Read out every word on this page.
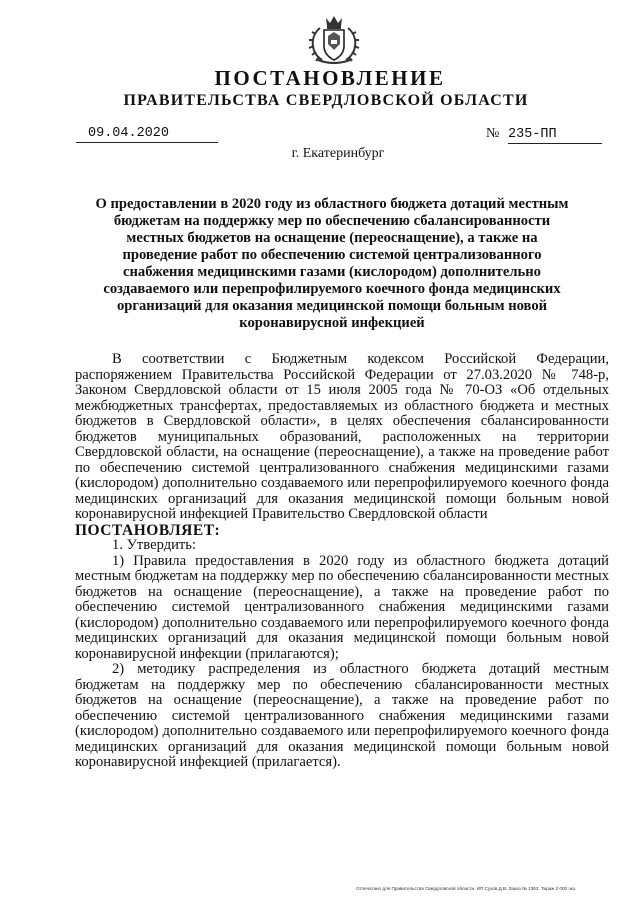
ПОСТАНОВЛЕНИЕ
ПРАВИТЕЛЬСТВА СВЕРДЛОВСКОЙ ОБЛАСТИ
09.04.2020	№ 235-ПП
г. Екатеринбург
О предоставлении в 2020 году из областного бюджета дотаций местным бюджетам на поддержку мер по обеспечению сбалансированности местных бюджетов на оснащение (переоснащение), а также на проведение работ по обеспечению системой централизованного снабжения медицинскими газами (кислородом) дополнительно создаваемого или перепрофилируемого коечного фонда медицинских организаций для оказания медицинской помощи больным новой коронавирусной инфекцией

В соответствии с Бюджетным кодексом Российской Федерации, распоряжением Правительства Российской Федерации от 27.03.2020 № 748-р, Законом Свердловской области от 15 июля 2005 года № 70-ОЗ «Об отдельных межбюджетных трансфертах, предоставляемых из областного бюджета и местных бюджетов в Свердловской области», в целях обеспечения сбалансированности бюджетов муниципальных образований, расположенных на территории Свердловской области, на оснащение (переоснащение), а также на проведение работ по обеспечению системой централизованного снабжения медицинскими газами (кислородом) дополнительно создаваемого или перепрофилируемого коечного фонда медицинских организаций для оказания медицинской помощи больным новой коронавирусной инфекцией Правительство Свердловской области

ПОСТАНОВЛЯЕТ:

1. Утвердить:

1) Правила предоставления в 2020 году из областного бюджета дотаций местным бюджетам на поддержку мер по обеспечению сбалансированности местных бюджетов на оснащение (переоснащение), а также на проведение работ по обеспечению системой централизованного снабжения медицинскими газами (кислородом) дополнительно создаваемого или перепрофилируемого коечного фонда медицинских организаций для оказания медицинской помощи больным новой коронавирусной инфекции (прилагаются);

2) методику распределения из областного бюджета дотаций местным бюджетам на поддержку мер по обеспечению сбалансированности местных бюджетов на оснащение (переоснащение), а также на проведение работ по обеспечению системой централизованного снабжения медицинскими газами (кислородом) дополнительно создаваемого или перепрофилируемого коечного фонда медицинских организаций для оказания медицинской помощи больным новой коронавирусной инфекцией (прилагается).

Отпечатано для Правительства Свердловской области. ИП Сухов Д.В. Заказ № 1363. Тираж 2 000 экз.
